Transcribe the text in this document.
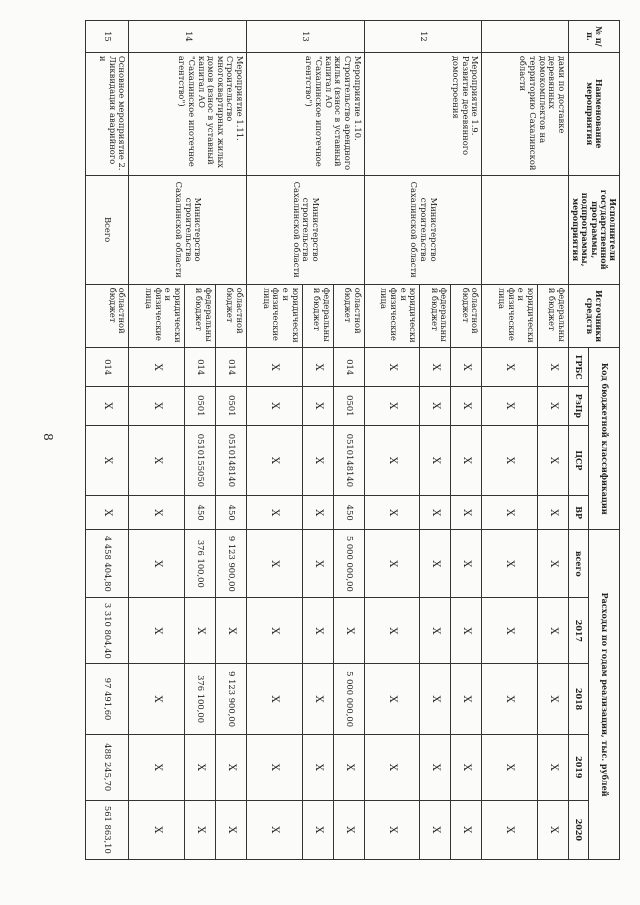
8
№ п/п.	Наименование мероприятия	Исполнители государственной программы, подпрограммы, мероприятия	Источники средств	Код бюджетной классификации				Расходы по годам реализации, тыс. рублей				
				ГРБС	РзПр	ЦСР	ВР	всего	2017	2018	2019	2020
	дами по доставке деревянных домокомплектов на территорию Сахалинской области		федеральный бюджет	Х	Х	Х	Х	Х	Х	Х	Х	Х
			юридические и физические лица	Х	Х	Х	Х	Х	Х	Х	Х	Х
12	Мероприятие 1.9. Развитие деревянного домостроения	Министерство строительства Сахалинской области	областной бюджет	Х	Х	Х	Х	Х	Х	Х	Х	Х
			федеральный бюджет	Х	Х	Х	Х	Х	Х	Х	Х	Х
			юридические и физические лица	Х	Х	Х	Х	Х	Х	Х	Х	Х
13	Мероприятие 1.10. Строительство арендного жилья (взнос в уставный капитал АО "Сахалинское ипотечное агентство")	Министерство строительства Сахалинской области	областной бюджет	014	0501	0510148140	450	5 000 000,00	Х	5 000 000,00	Х	Х
			федеральный бюджет	Х	Х	Х	Х	Х	Х	Х	Х	Х
			юридические и физические лица	Х	Х	Х	Х	Х	Х	Х	Х	Х
14	Мероприятие 1.11. Строительство многоквартирных жилых домов (взнос в уставный капитал АО "Сахалинское ипотечное агентство")	Министерство строительства Сахалинской области	областной бюджет	014	0501	0510148140	450	9 123 900,00	Х	9 123 900,00	Х	Х
			федеральный бюджет	014	0501	0510155050	450	376 100,00	Х	376 100,00	Х	Х
			юридические и физические лица	Х	Х	Х	Х	Х	Х	Х	Х	Х
15	Основное мероприятие 2. Ликвидация аварийного и	Всего	областной бюджет	014	Х	Х	Х	4 458 404,80	3 310 804,40	97 491,60	488 245,70	561 863,10
